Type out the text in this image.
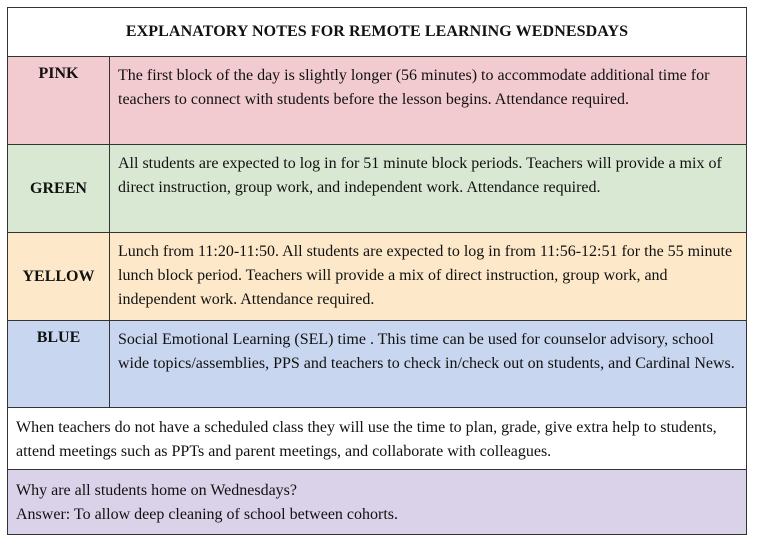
EXPLANATORY NOTES FOR REMOTE LEARNING WEDNESDAYS
PINK	The first block of the day is slightly longer (56 minutes) to accommodate additional time for teachers to connect with students before the lesson begins. Attendance required.
GREEN
All students are expected to log in for 51 minute block periods. Teachers will provide a mix of direct instruction, group work, and independent work. Attendance required.
YELLOW
Lunch from 11:20-11:50. All students are expected to log in from 11:56-12:51 for the 55 minute lunch block period. Teachers will provide a mix of direct instruction, group work, and independent work. Attendance required.
BLUE	Social Emotional Learning (SEL) time . This time can be used for counselor advisory, school wide topics/assemblies, PPS and teachers to check in/check out on students, and Cardinal News.
When teachers do not have a scheduled class they will use the time to plan, grade, give extra help to students, attend meetings such as PPTs and parent meetings, and collaborate with colleagues.
Why are all students home on Wednesdays?
Answer: To allow deep cleaning of school between cohorts.
